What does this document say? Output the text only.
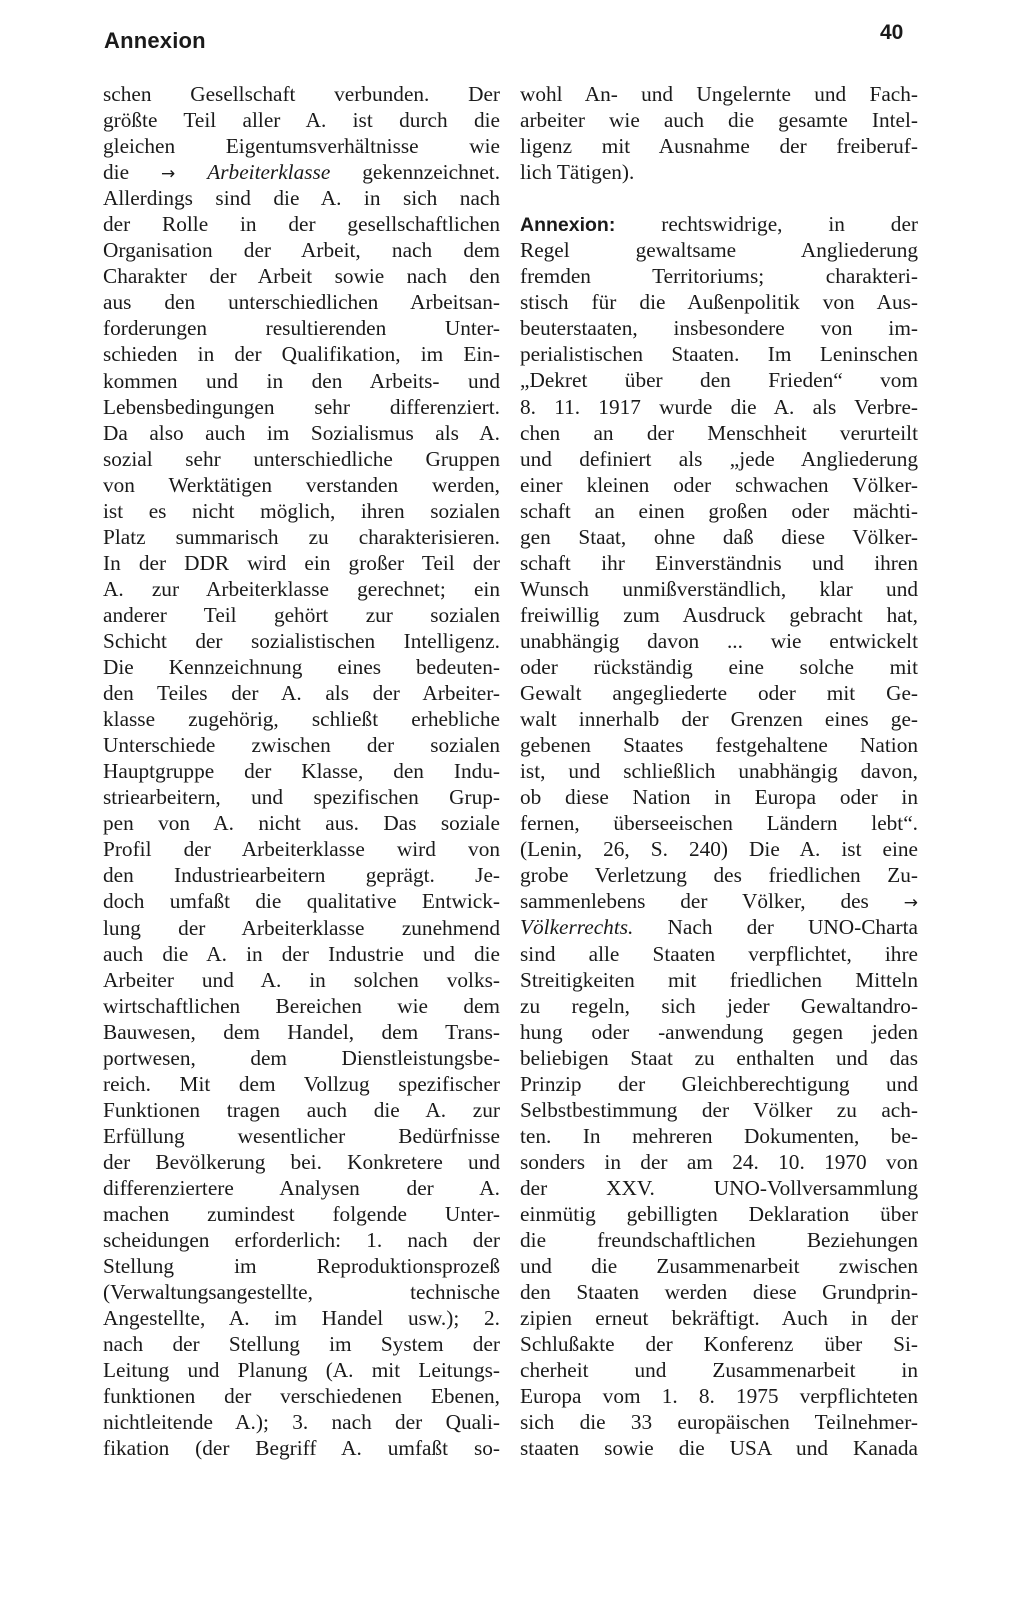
Annexion	40
schen Gesellschaft verbunden. Der
größte Teil aller A. ist durch die
gleichen Eigentumsverhältnisse wie
die → Arbeiterklasse gekennzeichnet.
Allerdings sind die A. in sich nach
der Rolle in der gesellschaftlichen
Organisation der Arbeit, nach dem
Charakter der Arbeit sowie nach den
aus den unterschiedlichen Arbeitsan-
forderungen resultierenden Unter-
schieden in der Qualifikation, im Ein-
kommen und in den Arbeits- und
Lebensbedingungen sehr differenziert.
Da also auch im Sozialismus als A.
sozial sehr unterschiedliche Gruppen
von Werktätigen verstanden werden,
ist es nicht möglich, ihren sozialen
Platz summarisch zu charakterisieren.
In der DDR wird ein großer Teil der
A. zur Arbeiterklasse gerechnet; ein
anderer Teil gehört zur sozialen
Schicht der sozialistischen Intelligenz.
Die Kennzeichnung eines bedeuten-
den Teiles der A. als der Arbeiter-
klasse zugehörig, schließt erhebliche
Unterschiede zwischen der sozialen
Hauptgruppe der Klasse, den Indu-
striearbeitern, und spezifischen Grup-
pen von A. nicht aus. Das soziale
Profil der Arbeiterklasse wird von
den Industriearbeitern geprägt. Je-
doch umfaßt die qualitative Entwick-
lung der Arbeiterklasse zunehmend
auch die A. in der Industrie und die
Arbeiter und A. in solchen volks-
wirtschaftlichen Bereichen wie dem
Bauwesen, dem Handel, dem Trans-
portwesen, dem Dienstleistungsbe-
reich. Mit dem Vollzug spezifischer
Funktionen tragen auch die A. zur
Erfüllung wesentlicher Bedürfnisse
der Bevölkerung bei. Konkretere und
differenziertere Analysen der A.
machen zumindest folgende Unter-
scheidungen erforderlich: 1. nach der
Stellung im Reproduktionsprozeß
(Verwaltungsangestellte, technische
Angestellte, A. im Handel usw.); 2.
nach der Stellung im System der
Leitung und Planung (A. mit Leitungs-
funktionen der verschiedenen Ebenen,
nichtleitende A.); 3. nach der Quali-
fikation (der Begriff A. umfaßt so-
wohl An- und Ungelernte und Fach-
arbeiter wie auch die gesamte Intel-
ligenz mit Ausnahme der freiberuf-
lich Tätigen).
Annexion: rechtswidrige, in der
Regel gewaltsame Angliederung
fremden Territoriums; charakteri-
stisch für die Außenpolitik von Aus-
beuterstaaten, insbesondere von im-
perialistischen Staaten. Im Leninschen
„Dekret über den Frieden“ vom
8. 11. 1917 wurde die A. als Verbre-
chen an der Menschheit verurteilt
und definiert als „jede Angliederung
einer kleinen oder schwachen Völker-
schaft an einen großen oder mächti-
gen Staat, ohne daß diese Völker-
schaft ihr Einverständnis und ihren
Wunsch unmißverständlich, klar und
freiwillig zum Ausdruck gebracht hat,
unabhängig davon ... wie entwickelt
oder rückständig eine solche mit
Gewalt angegliederte oder mit Ge-
walt innerhalb der Grenzen eines ge-
gebenen Staates festgehaltene Nation
ist, und schließlich unabhängig davon,
ob diese Nation in Europa oder in
fernen, überseeischen Ländern lebt“.
(Lenin, 26, S. 240) Die A. ist eine
grobe Verletzung des friedlichen Zu-
sammenlebens der Völker, des →
Völkerrechts. Nach der UNO-Charta
sind alle Staaten verpflichtet, ihre
Streitigkeiten mit friedlichen Mitteln
zu regeln, sich jeder Gewaltandro-
hung oder -anwendung gegen jeden
beliebigen Staat zu enthalten und das
Prinzip der Gleichberechtigung und
Selbstbestimmung der Völker zu ach-
ten. In mehreren Dokumenten, be-
sonders in der am 24. 10. 1970 von
der XXV. UNO-Vollversammlung
einmütig gebilligten Deklaration über
die freundschaftlichen Beziehungen
und die Zusammenarbeit zwischen
den Staaten werden diese Grundprin-
zipien erneut bekräftigt. Auch in der
Schlußakte der Konferenz über Si-
cherheit und Zusammenarbeit in
Europa vom 1. 8. 1975 verpflichteten
sich die 33 europäischen Teilnehmer-
staaten sowie die USA und Kanada
